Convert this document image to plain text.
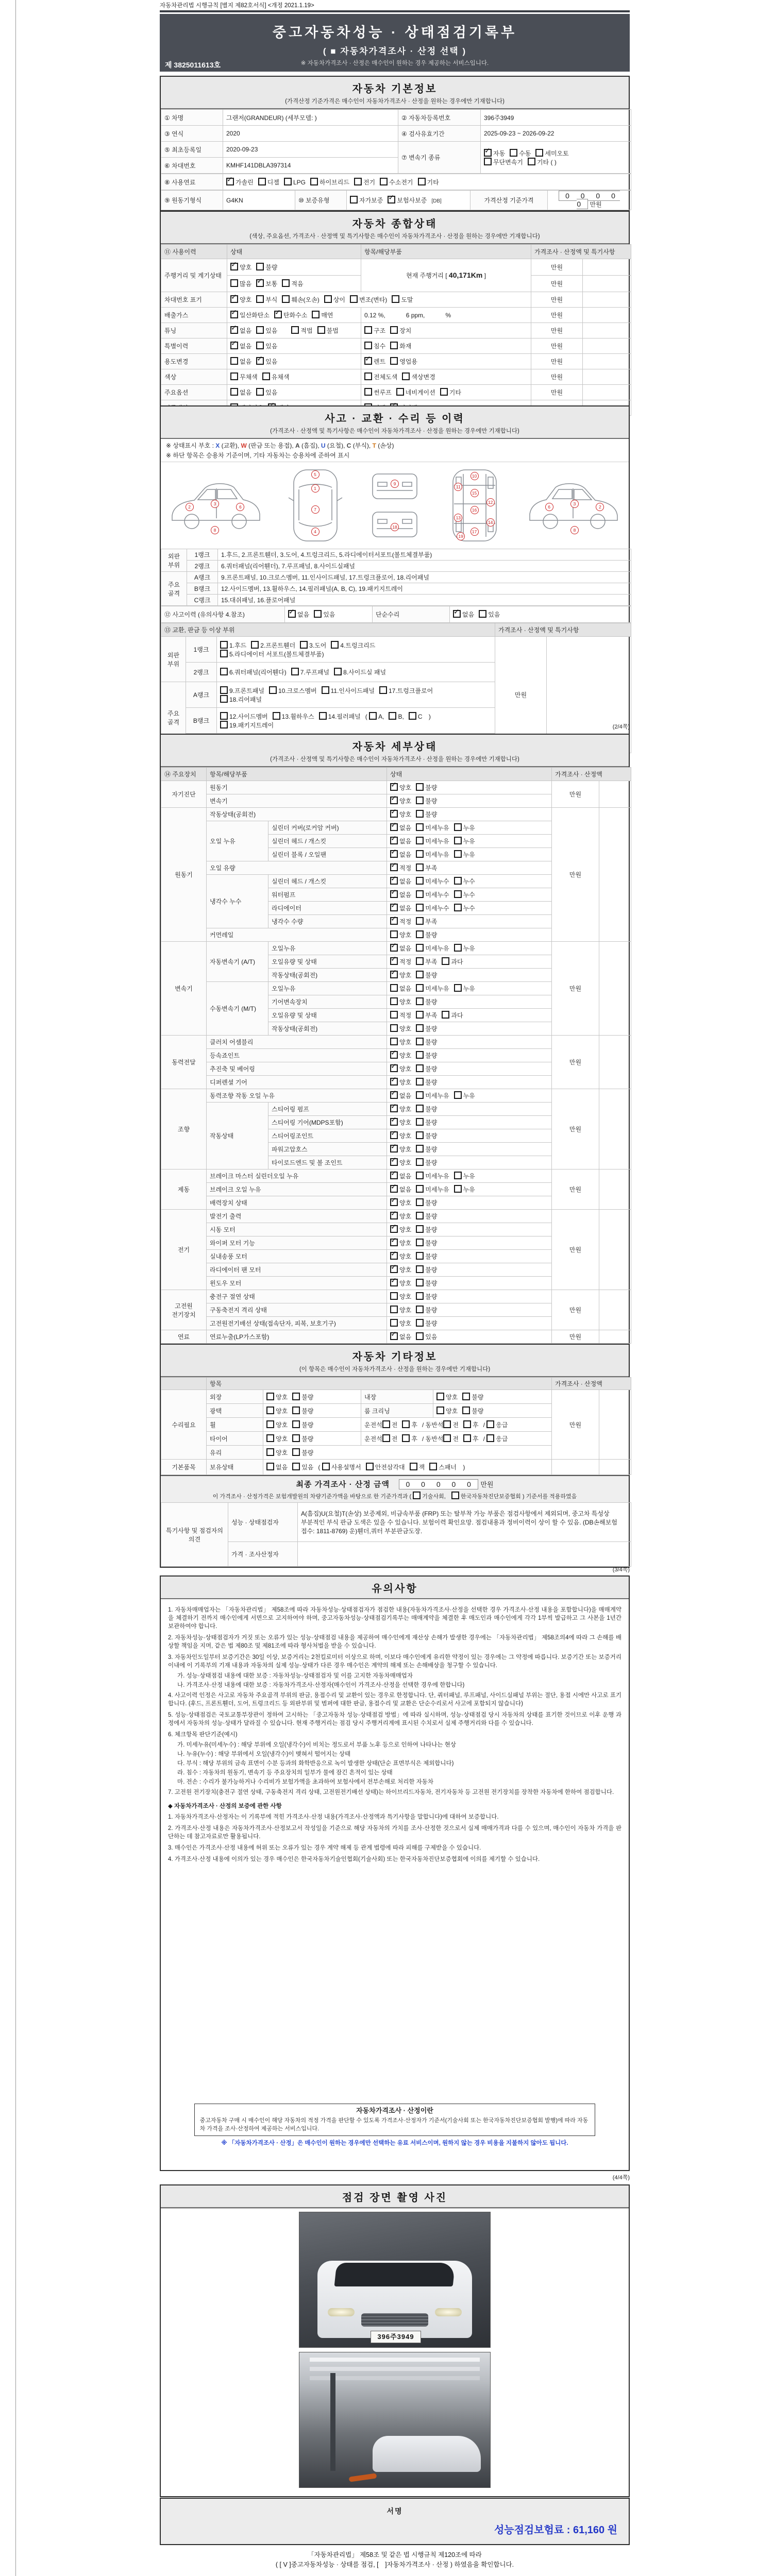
자동차관리법 시행규칙 [별지 제82호서식] <개정 2021.1.19>
중고자동차성능 · 상태점검기록부
( ■ 자동차가격조사 · 산정 선택 )
※ 자동차가격조사 · 산정은 매수인이 원하는 경우 제공하는 서비스입니다.
제 3825011613호
자동차 기본정보
(가격산정 기준가격은 매수인이 자동차가격조사 · 산정을 원하는 경우에만 기재합니다)
① 차명	그랜저(GRANDEUR) (세부모델: )	② 자동차등록번호	396주3949
③ 연식	2020	④ 검사유효기간	2025-09-23 ~ 2026-09-22
⑤ 최초등록일	2020-09-23	⑦ 변속기 종류	✓자동 수동 세미오토
무단변속기 기타 ( )
⑥ 차대번호	KMHF141DBLA397314		
⑧ 사용연료	✓가솔린 디젤 LPG 하이브리드 전기 수소전기 기타
⑨ 원동기형식	G4KN	⑩ 보증유형	자가보증 ✓ 보험사보증 [DB]	가격산정 기준가격	0 0 0 0 0 만원
자동차 종합상태
(색상, 주요옵션, 가격조사 · 산정액 및 특기사항은 매수인이 자동차가격조사 · 산정을 원하는 경우에만 기재합니다)
⑪ 사용이력	상태	항목/해당부품	가격조사 · 산정액 및 특기사항	
주행거리 및 계기상태	✓양호 불량	현재 주행거리 [ 40,171Km ]	만원	
	많음 ✓ 보통 적음		만원	
차대번호 표기	✓양호 부식 훼손(오손) 상이 변조(변타) 도말		만원	
배출가스	✓일산화탄소 ✓ 탄화수소 매연	0.12 %, 6 ppm, %	만원	
튜닝	✓없음 있음 적법 불법	구조 장치	만원	
특별이력	✓없음 있음	침수 화재	만원	
용도변경	없음 ✓ 있음	✓렌트 영업용	만원	
색상	무채색 유채색	전체도색 색상변경	만원	
주요옵션	없음 있음	썬루프 네비게이션 기타	만원	
	✓	✓		
사고 · 교환 · 수리 등 이력
(가격조사 · 산정액 및 특기사항은 매수인이 자동차가격조사 · 산정을 원하는 경우에만 기재합니다)
※ 상태표시 부호 : X (교환), W (판금 또는 용접), A (흠집), U (요철), C (부식), T (손상)
※ 하단 항목은 승용차 기준이며, 기타 자동차는 승용차에 준하여 표시
2
3
6
8
5
1
7
4
9
18
10
11
15
12
16
13
14
17
19
2
3
6
8
외판 부위	1랭크	1.후드, 2.프론트휀더, 3.도어, 4.트렁크리드, 5.라디에이터서포트(볼트체결부품)
	2랭크	6.쿼터패널(리어휀더), 7.루프패널, 8.사이드실패널
주요 골격	A랭크	9.프론트패널, 10.크로스멤버, 11.인사이드패널, 17.트렁크플로어, 18.리어패널
	B랭크	12.사이드멤버, 13.휠하우스, 14.필러패널(A, B, C), 19.패키지트레이
	C랭크	15.대쉬패널, 16.플로어패널
⑫ 사고이력 (유의사항 4.참조)	✓없음 있음	단순수리	✓없음 있음
⑬ 교환, 판금 등 이상 부위			가격조사 · 산정액 및 특기사항	
외판 부위	1랭크	1.후드 2.프론트휀더 3.도어 4.트렁크리드
5.라디에이터 서포트(볼트체결부품)	만원	
	2랭크	6.쿼터패널(리어휀다) 7.루프패널 8.사이드실 패널		
주요 골격	A랭크	9.프론트패널 10.크로스멤버 11.인사이드패널 17.트렁크플로어
18.리어패널		
	B랭크	12.사이드멤버 13.휠하우스 14.필러패널 ( A, B, C )
19.패키지트레이		
		(2/4쪽)
자동차 세부상태
(가격조사 · 산정액 및 특기사항은 매수인이 자동차가격조사 · 산정을 원하는 경우에만 기재합니다)
⑭ 주요장치	항목/해당부품		상태	가격조사 · 산정액	
자기진단	원동기	✓양호 불량	만원	
	변속기	✓양호 불량
원동기	작동상태(공회전)	✓양호 불량	만원	
	오일 누유	실린더 커버(로커암 커버)	✓없음 미세누유 누유
		실린더 헤드 / 개스킷	✓없음 미세누유 누유
		실린더 블록 / 오일팬	✓없음 미세누유 누유
	오일 유량	✓적정 부족
	냉각수 누수	실린더 헤드 / 개스킷	✓없음 미세누수 누수
		워터펌프	✓없음 미세누수 누수
		라디에이터	✓없음 미세누수 누수
		냉각수 수량	✓적정 부족
	커먼레일		양호 불량		
변속기	자동변속기 (A/T)	오일누유	✓없음 미세누유 누유	만원	
		오일유량 및 상태	✓적정 부족 과다
		작동상태(공회전)	✓양호 불량
	수동변속기 (M/T)	오일누유	없음 미세누유 누유		
		기어변속장치	양호 불량		
		오일유량 및 상태	적정 부족 과다		
		작동상태(공회전)	양호 불량		
동력전달	클러치 어셈블리		양호 불량	만원	
	등속죠인트	✓양호 불량
	추진축 및 베어링	✓양호 불량
	디퍼렌셜 기어	✓양호 불량
조향	동력조향 작동 오일 누유	✓없음 미세누유 누유	만원	
	작동상태	스티어링 펌프	✓양호 불량
		스티어링 기어(MDPS포함)	✓양호 불량
		스티어링조인트	✓양호 불량
		파워고압호스	✓양호 불량
		타이로드엔드 및 볼 조인트	✓양호 불량
제동	브레이크 마스터 실린더오일 누유	✓없음 미세누유 누유	만원	
	브레이크 오일 누유	✓없음 미세누유 누유
	배력장치 상태	✓양호 불량
전기	발전기 출력	✓양호 불량	만원	
	시동 모터	✓양호 불량
	와이퍼 모터 기능	✓양호 불량
	실내송풍 모터	✓양호 불량
	라디에이터 팬 모터	✓양호 불량
	윈도우 모터	✓양호 불량
고전원 전기장치	충전구 절연 상태		양호 불량	만원	
	구동축전지 격리 상태		양호 불량		
	고전원전기배선 상태(접속단자, 피복, 보호기구)		양호 불량		
연료	연료누출(LP가스포함)	✓없음 있음	만원	
자동차 기타정보
(이 항목은 매수인이 자동차가격조사 · 산정을 원하는 경우에만 기재합니다)
	항목				가격조사 · 산정액	
수리필요	외장	양호 불량	내장	양호 불량	만원	
	광택	양호 불량	룸 크리닝	양호 불량		
	휠	양호 불량	운전석 전 후 / 동반석 전 후 / 응급			
	타이어	양호 불량	운전석 전 후 / 동반석 전 후 / 응급			
	유리	양호 불량				
기본품목	보유상태	없음 있음 ( 사용설명서 안전삼각대 잭 스패너 )				
최종 가격조사 · 산정 금액 0 0 0 0 0 만원
이 가격조사 · 산정가격은 보험개발원의 차량기준가액을 바탕으로 한 기준가격과 ( 기술사회,	한국자동차진단보증협회 ) 기준서를 적용하였음
특기사항 및 점검자의 의견	성능 · 상태점검자	A(흠집)U(요철)T(손상) 보증제외, 비금속부품 (FRP) 또는 탈부착 가능 부품은 점검사항에서 제외되며, 중고차 특성상 부분적인 부식 판금 도색은 있을 수 있습니다. 보험이력 확인요망. 점검내용과 정비이력이 상이 할 수 있음. (DB손해보험 접수: 1811-8769) 운)휀더,쿼터 부분판금도장.
	가격 · 조사산정자	
(3/4쪽)
유의사항
1. 자동차매매업자는 「자동차관리법」 제58조에 따라 자동차성능·상태점검자가 점검한 내용(자동차가격조사·산정을 선택한 경우 가격조사·산정 내용을 포함합니다)을 매매계약을 체결하기 전까지 매수인에게 서면으로 고지하여야 하며, 중고자동차성능·상태점검기록부는 매매계약을 체결한 후 매도인과 매수인에게 각각 1부씩 발급하고 그 사본을 1년간 보관하여야 합니다.
2. 자동차성능·상태점검자가 거짓 또는 오류가 있는 성능·상태점검 내용을 제공하여 매수인에게 재산상 손해가 발생한 경우에는 「자동차관리법」 제58조의4에 따라 그 손해를 배상할 책임을 지며, 같은 법 제80조 및 제81조에 따라 형사처벌을 받을 수 있습니다.
3. 자동차인도일부터 보증기간은 30일 이상, 보증거리는 2천킬로미터 이상으로 하며, 이보다 매수인에게 유리한 약정이 있는 경우에는 그 약정에 따릅니다. 보증기간 또는 보증거리 이내에 이 기록부의 기재 내용과 자동차의 실제 성능·상태가 다른 경우 매수인은 계약의 해제 또는 손해배상을 청구할 수 있습니다.
가. 성능·상태점검 내용에 대한 보증 : 자동차성능·상태점검자 및 이를 고지한 자동차매매업자
나. 가격조사·산정 내용에 대한 보증 : 자동차가격조사·산정자(매수인이 가격조사·산정을 선택한 경우에 한합니다)
4. 사고이력 인정은 사고로 자동차 주요골격 부위의 판금, 용접수리 및 교환이 있는 경우로 한정합니다. 단, 쿼터패널, 루프패널, 사이드실패널 부위는 절단, 용접 시에만 사고로 표기합니다. (후드, 프론트휀더, 도어, 트렁크리드 등 외판부위 및 범퍼에 대한 판금, 용접수리 및 교환은 단순수리로서 사고에 포함되지 않습니다)
5. 성능·상태점검은 국토교통부장관이 정하여 고시하는 「중고자동차 성능·상태점검 방법」에 따라 실시하며, 성능·상태점검 당시 자동차의 상태를 표기한 것이므로 이후 운행 과정에서 자동차의 성능·상태가 달라질 수 있습니다. 현재 주행거리는 점검 당시 주행거리계에 표시된 수치로서 실제 주행거리와 다를 수 있습니다.
6. 체크항목 판단기준(예시)
가. 미세누유(미세누수) : 해당 부위에 오일(냉각수)이 비치는 정도로서 부품 노후 등으로 인하여 나타나는 현상
나. 누유(누수) : 해당 부위에서 오일(냉각수)이 맺혀서 떨어지는 상태
다. 부식 : 해당 부위의 금속 표면이 수분 등과의 화학반응으로 녹이 발생한 상태(단순 표면부식은 제외합니다)
라. 침수 : 자동차의 원동기, 변속기 등 주요장치의 일부가 물에 잠긴 흔적이 있는 상태
마. 전손 : 수리가 불가능하거나 수리비가 보험가액을 초과하여 보험사에서 전부손해로 처리한 자동차
7. 고전원 전기장치(충전구 절연 상태, 구동축전지 격리 상태, 고전원전기배선 상태)는 하이브리드자동차, 전기자동차 등 고전원 전기장치를 장착한 자동차에 한하여 점검합니다.
◆ 자동차가격조사 · 산정의 보증에 관한 사항
1. 자동차가격조사·산정자는 이 기록부에 적힌 가격조사·산정 내용(가격조사·산정액과 특기사항을 말합니다)에 대하여 보증합니다.
2. 가격조사·산정 내용은 자동차가격조사·산정보고서 작성일을 기준으로 해당 자동차의 가치를 조사·산정한 것으로서 실제 매매가격과 다를 수 있으며, 매수인이 자동차 가격을 판단하는 데 참고자료로만 활용됩니다.
3. 매수인은 가격조사·산정 내용에 허위 또는 오류가 있는 경우 계약 해제 등 관계 법령에 따라 피해를 구제받을 수 있습니다.
4. 가격조사·산정 내용에 이의가 있는 경우 매수인은 한국자동차기술인협회(기술사회) 또는 한국자동차진단보증협회에 이의를 제기할 수 있습니다.
자동차가격조사 · 산정이란
중고자동차 구매 시 매수인이 해당 자동차의 적정 가격을 판단할 수 있도록 가격조사·산정자가 기준서(기술사회 또는 한국자동차진단보증협회 발행)에 따라 자동차 가격을 조사·산정하여 제공하는 서비스입니다.
※ 「자동차가격조사 · 산정」은 매수인이 원하는 경우에만 선택하는 유료 서비스이며, 원하지 않는 경우 비용을 지불하지 않아도 됩니다.
(4/4쪽)
점검 장면 촬영 사진
396주3949
서명
성능점검보험료 : 61,160 원
「자동차관리법」 제58조 및 같은 법 시행규칙 제120조에 따라
( [ V ]중고자동차성능 · 상태를 점검, [　]자동차가격조사 · 산정 ) 하였음을 확인합니다.
